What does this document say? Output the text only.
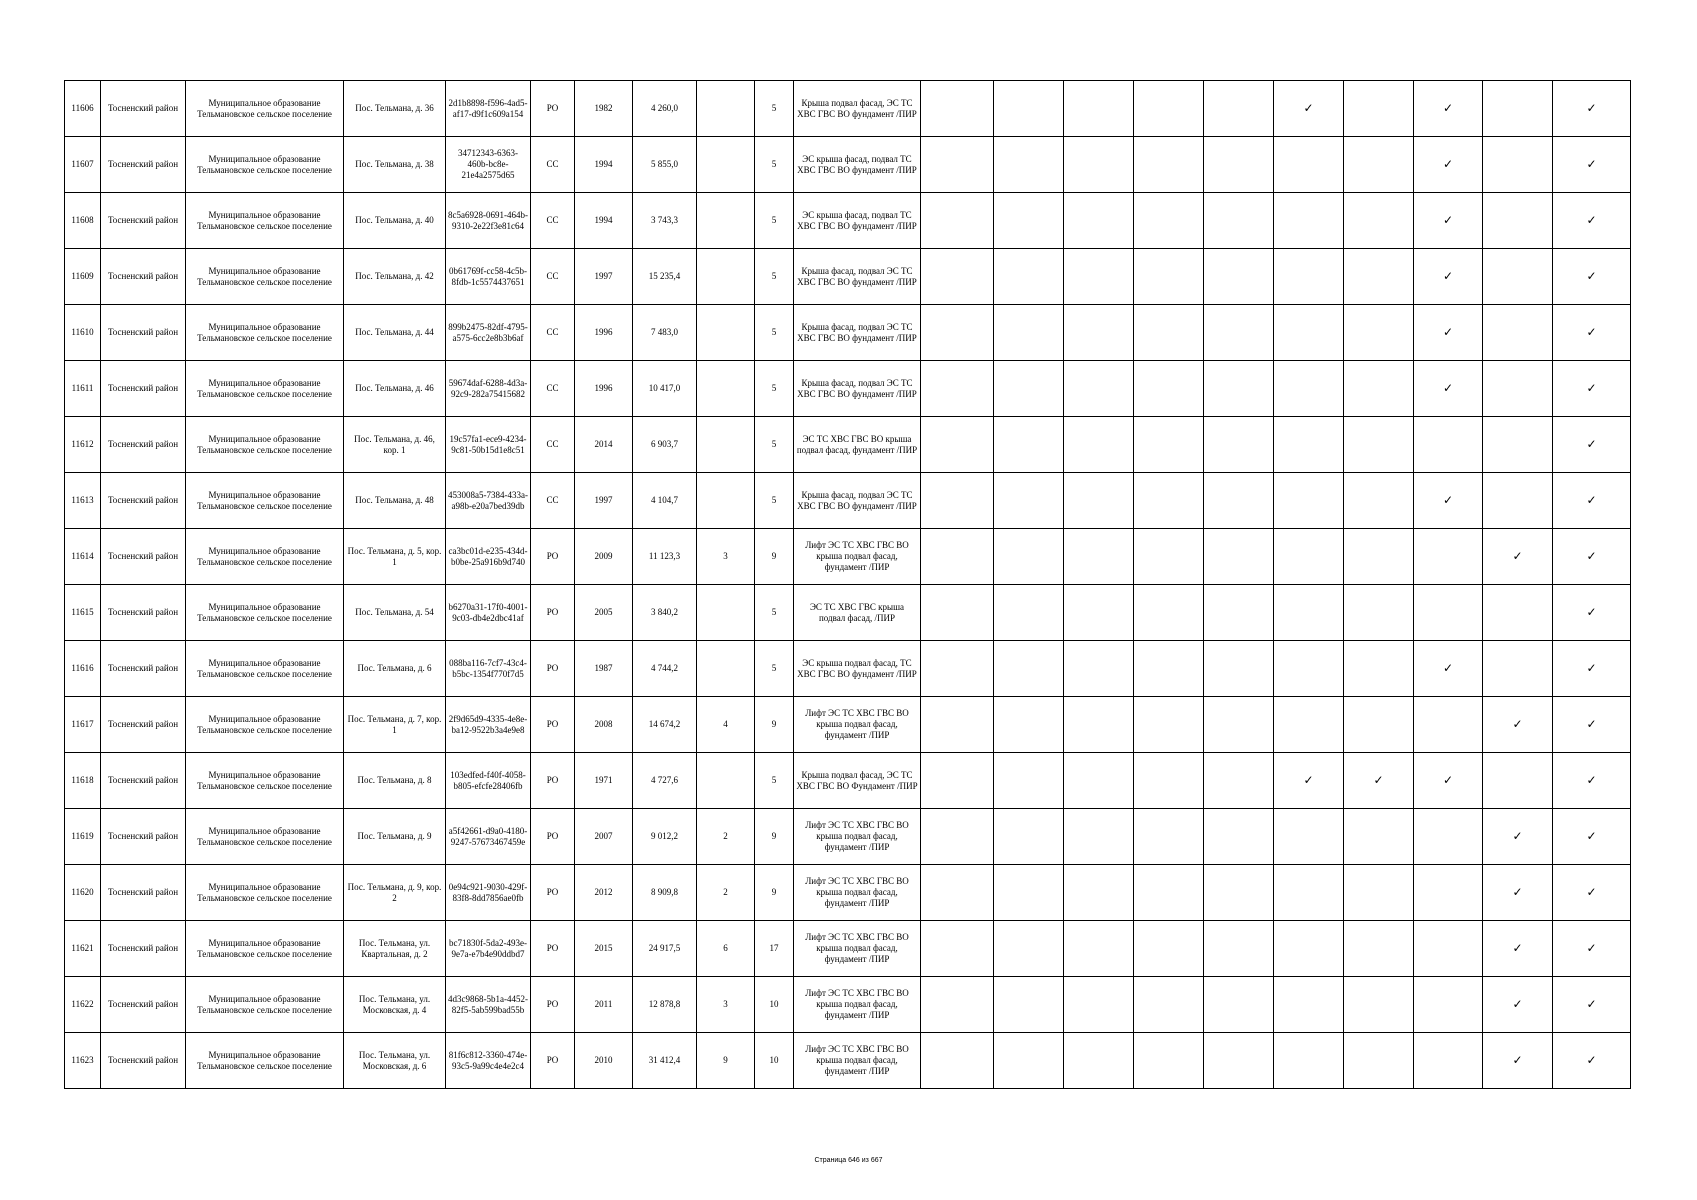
11606	Тосненский район	Муниципальное образование Тельмановское сельское поселение	Пос. Тельмана, д. 36	2d1b8898-f596-4ad5-af17-d9f1c609a154	РО	1982	4 260,0		5	Крыша подвал фасад, ЭС ТС ХВС ГВС ВО фундамент /ПИР						✓		✓		✓
11607	Тосненский район	Муниципальное образование Тельмановское сельское поселение	Пос. Тельмана, д. 38	34712343-6363-460b-bc8e-21e4a2575d65	СС	1994	5 855,0		5	ЭС крыша фасад, подвал ТС ХВС ГВС ВО фундамент /ПИР								✓		✓
11608	Тосненский район	Муниципальное образование Тельмановское сельское поселение	Пос. Тельмана, д. 40	8c5a6928-0691-464b-9310-2e22f3e81c64	СС	1994	3 743,3		5	ЭС крыша фасад, подвал ТС ХВС ГВС ВО фундамент /ПИР								✓		✓
11609	Тосненский район	Муниципальное образование Тельмановское сельское поселение	Пос. Тельмана, д. 42	0b61769f-cc58-4c5b-8fdb-1c5574437651	СС	1997	15 235,4		5	Крыша фасад, подвал ЭС ТС ХВС ГВС ВО фундамент /ПИР								✓		✓
11610	Тосненский район	Муниципальное образование Тельмановское сельское поселение	Пос. Тельмана, д. 44	899b2475-82df-4795-a575-6cc2e8b3b6af	СС	1996	7 483,0		5	Крыша фасад, подвал ЭС ТС ХВС ГВС ВО фундамент /ПИР								✓		✓
11611	Тосненский район	Муниципальное образование Тельмановское сельское поселение	Пос. Тельмана, д. 46	59674daf-6288-4d3a-92c9-282a75415682	СС	1996	10 417,0		5	Крыша фасад, подвал ЭС ТС ХВС ГВС ВО фундамент /ПИР								✓		✓
11612	Тосненский район	Муниципальное образование Тельмановское сельское поселение	Пос. Тельмана, д. 46, кор. 1	19c57fa1-ece9-4234-9c81-50b15d1e8c51	СС	2014	6 903,7		5	ЭС ТС ХВС ГВС ВО крыша подвал фасад, фундамент /ПИР										✓
11613	Тосненский район	Муниципальное образование Тельмановское сельское поселение	Пос. Тельмана, д. 48	453008a5-7384-433a-a98b-e20a7bed39db	СС	1997	4 104,7		5	Крыша фасад, подвал ЭС ТС ХВС ГВС ВО фундамент /ПИР								✓		✓
11614	Тосненский район	Муниципальное образование Тельмановское сельское поселение	Пос. Тельмана, д. 5, кор. 1	ca3bc01d-e235-434d-b0be-25a916b9d740	РО	2009	11 123,3	3	9	Лифт ЭС ТС ХВС ГВС ВО крыша подвал фасад, фундамент /ПИР									✓	✓
11615	Тосненский район	Муниципальное образование Тельмановское сельское поселение	Пос. Тельмана, д. 54	b6270a31-17f0-4001-9c03-db4e2dbc41af	РО	2005	3 840,2		5	ЭС ТС ХВС ГВС крыша подвал фасад, /ПИР										✓
11616	Тосненский район	Муниципальное образование Тельмановское сельское поселение	Пос. Тельмана, д. 6	088ba116-7cf7-43c4-b5bc-1354f770f7d5	РО	1987	4 744,2		5	ЭС крыша подвал фасад, ТС ХВС ГВС ВО фундамент /ПИР								✓		✓
11617	Тосненский район	Муниципальное образование Тельмановское сельское поселение	Пос. Тельмана, д. 7, кор. 1	2f9d65d9-4335-4e8e-ba12-9522b3a4e9e8	РО	2008	14 674,2	4	9	Лифт ЭС ТС ХВС ГВС ВО крыша подвал фасад, фундамент /ПИР									✓	✓
11618	Тосненский район	Муниципальное образование Тельмановское сельское поселение	Пос. Тельмана, д. 8	103edfed-f40f-4058-b805-efcfe28406fb	РО	1971	4 727,6		5	Крыша подвал фасад, ЭС ТС ХВС ГВС ВО Фундамент /ПИР						✓	✓	✓		✓
11619	Тосненский район	Муниципальное образование Тельмановское сельское поселение	Пос. Тельмана, д. 9	a5f42661-d9a0-4180-9247-57673467459e	РО	2007	9 012,2	2	9	Лифт ЭС ТС ХВС ГВС ВО крыша подвал фасад, фундамент /ПИР									✓	✓
11620	Тосненский район	Муниципальное образование Тельмановское сельское поселение	Пос. Тельмана, д. 9, кор. 2	0e94c921-9030-429f-83f8-8dd7856ae0fb	РО	2012	8 909,8	2	9	Лифт ЭС ТС ХВС ГВС ВО крыша подвал фасад, фундамент /ПИР									✓	✓
11621	Тосненский район	Муниципальное образование Тельмановское сельское поселение	Пос. Тельмана, ул. Квартальная, д. 2	bc71830f-5da2-493e-9e7a-e7b4e90ddbd7	РО	2015	24 917,5	6	17	Лифт ЭС ТС ХВС ГВС ВО крыша подвал фасад, фундамент /ПИР									✓	✓
11622	Тосненский район	Муниципальное образование Тельмановское сельское поселение	Пос. Тельмана, ул. Московская, д. 4	4d3c9868-5b1a-4452-82f5-5ab599bad55b	РО	2011	12 878,8	3	10	Лифт ЭС ТС ХВС ГВС ВО крыша подвал фасад, фундамент /ПИР									✓	✓
11623	Тосненский район	Муниципальное образование Тельмановское сельское поселение	Пос. Тельмана, ул. Московская, д. 6	81f6c812-3360-474e-93c5-9a99c4e4e2c4	РО	2010	31 412,4	9	10	Лифт ЭС ТС ХВС ГВС ВО крыша подвал фасад, фундамент /ПИР									✓	✓
Страница 646 из 667
